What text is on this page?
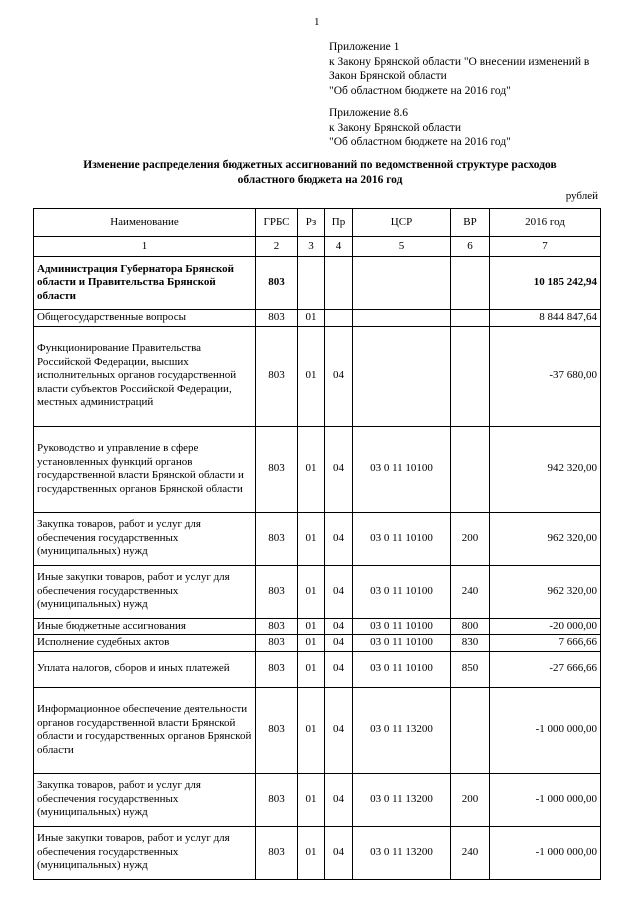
1
Приложение 1
к Закону Брянской области "О внесении изменений в
Закон Брянской области
"Об областном бюджете на 2016 год"
Приложение 8.6
к Закону Брянской области
"Об областном бюджете на 2016 год"
Изменение распределения бюджетных ассигнований по ведомственной структуре расходов
областного бюджета на 2016 год
рублей
Наименование	ГРБС	Рз	Пр	ЦСР	ВР	2016 год
1	2	3	4	5	6	7
Администрация Губернатора Брянской области и Правительства Брянской области	803					10 185 242,94
Общегосударственные вопросы	803	01				8 844 847,64
Функционирование Правительства Российской Федерации, высших исполнительных органов государственной власти субъектов Российской Федерации, местных администраций	803	01	04			-37 680,00
Руководство и управление в сфере установленных функций органов государственной власти Брянской области и государственных органов Брянской области	803	01	04	03 0 11 10100		942 320,00
Закупка товаров, работ и услуг для обеспечения государственных (муниципальных) нужд	803	01	04	03 0 11 10100	200	962 320,00
Иные закупки товаров, работ и услуг для обеспечения государственных (муниципальных) нужд	803	01	04	03 0 11 10100	240	962 320,00
Иные бюджетные ассигнования	803	01	04	03 0 11 10100	800	-20 000,00
Исполнение судебных актов	803	01	04	03 0 11 10100	830	7 666,66
Уплата налогов, сборов и иных платежей	803	01	04	03 0 11 10100	850	-27 666,66
Информационное обеспечение деятельности органов государственной власти Брянской области и государственных органов Брянской области	803	01	04	03 0 11 13200		-1 000 000,00
Закупка товаров, работ и услуг для обеспечения государственных (муниципальных) нужд	803	01	04	03 0 11 13200	200	-1 000 000,00
Иные закупки товаров, работ и услуг для обеспечения государственных (муниципальных) нужд	803	01	04	03 0 11 13200	240	-1 000 000,00
